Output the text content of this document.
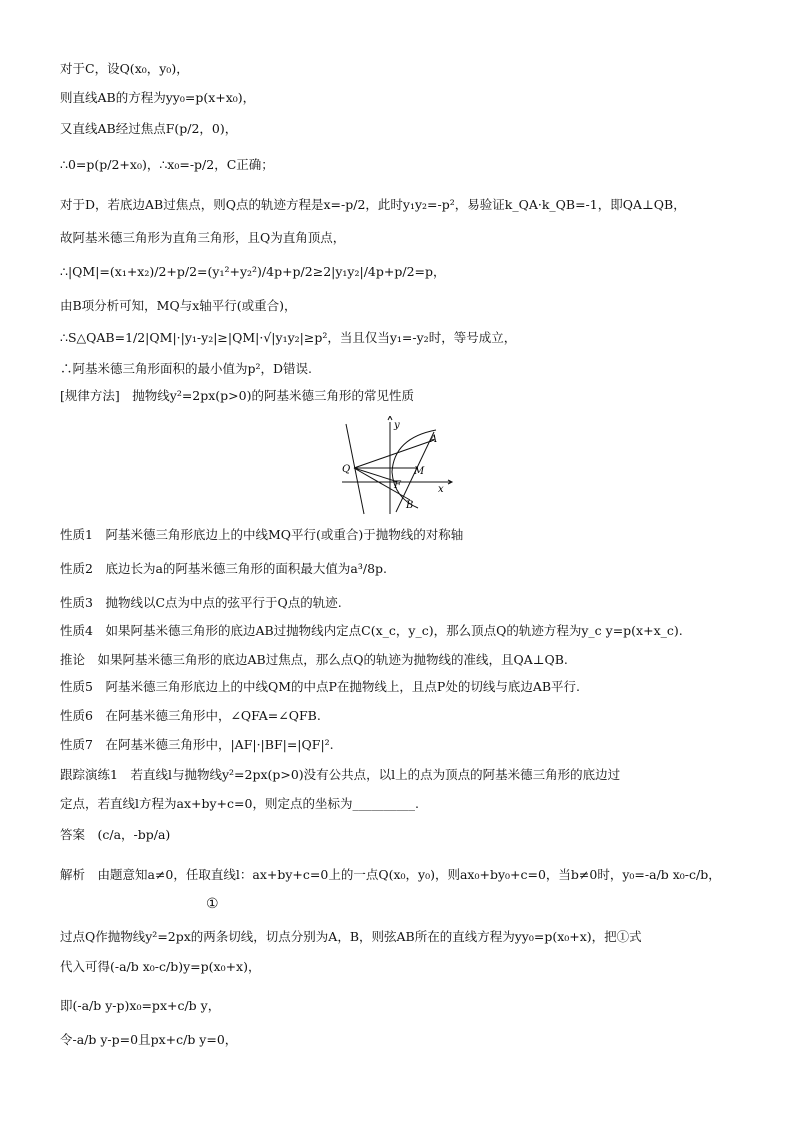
对于C，设Q(x₀，y₀)，
则直线AB的方程为yy₀=p(x+x₀)，
又直线AB经过焦点F(p/2，0)，
∴0=p(p/2+x₀)，∴x₀=-p/2，C正确；
对于D，若底边AB过焦点，则Q点的轨迹方程是x=-p/2，此时y₁y₂=-p²，易验证k_QA·k_QB=-1，即QA⊥QB，
故阿基米德三角形为直角三角形，且Q为直角顶点，
∴|QM|=(x₁+x₂)/2+p/2=(y₁²+y₂²)/4p+p/2≥2|y₁y₂|/4p+p/2=p，
由B项分析可知，MQ与x轴平行(或重合)，
∴S△QAB=1/2|QM|·|y₁-y₂|≥|QM|·√|y₁y₂|≥p²，当且仅当y₁=-y₂时，等号成立，
∴阿基米德三角形面积的最小值为p²，D错误.
[规律方法]　抛物线y²=2px(p>0)的阿基米德三角形的常见性质
y
x
Q
A
M
F
B
性质1　阿基米德三角形底边上的中线MQ平行(或重合)于抛物线的对称轴
性质2　底边长为a的阿基米德三角形的面积最大值为a³/8p.
性质3　抛物线以C点为中点的弦平行于Q点的轨迹.
性质4　如果阿基米德三角形的底边AB过抛物线内定点C(x_c，y_c)，那么顶点Q的轨迹方程为y_c y=p(x+x_c).
推论　如果阿基米德三角形的底边AB过焦点，那么点Q的轨迹为抛物线的准线，且QA⊥QB.
性质5　阿基米德三角形底边上的中线QM的中点P在抛物线上，且点P处的切线与底边AB平行.
性质6　在阿基米德三角形中，∠QFA=∠QFB.
性质7　在阿基米德三角形中，|AF|·|BF|=|QF|².
跟踪演练1　若直线l与抛物线y²=2px(p>0)没有公共点，以l上的点为顶点的阿基米德三角形的底边过
定点，若直线l方程为ax+by+c=0，则定点的坐标为__________.
答案　(c/a，-bp/a)
解析　由题意知a≠0，任取直线l：ax+by+c=0上的一点Q(x₀，y₀)，则ax₀+by₀+c=0，当b≠0时，y₀=-a/b x₀-c/b，
①
过点Q作抛物线y²=2px的两条切线，切点分别为A，B，则弦AB所在的直线方程为yy₀=p(x₀+x)，把①式
代入可得(-a/b x₀-c/b)y=p(x₀+x)，
即(-a/b y-p)x₀=px+c/b y，
令-a/b y-p=0且px+c/b y=0，
